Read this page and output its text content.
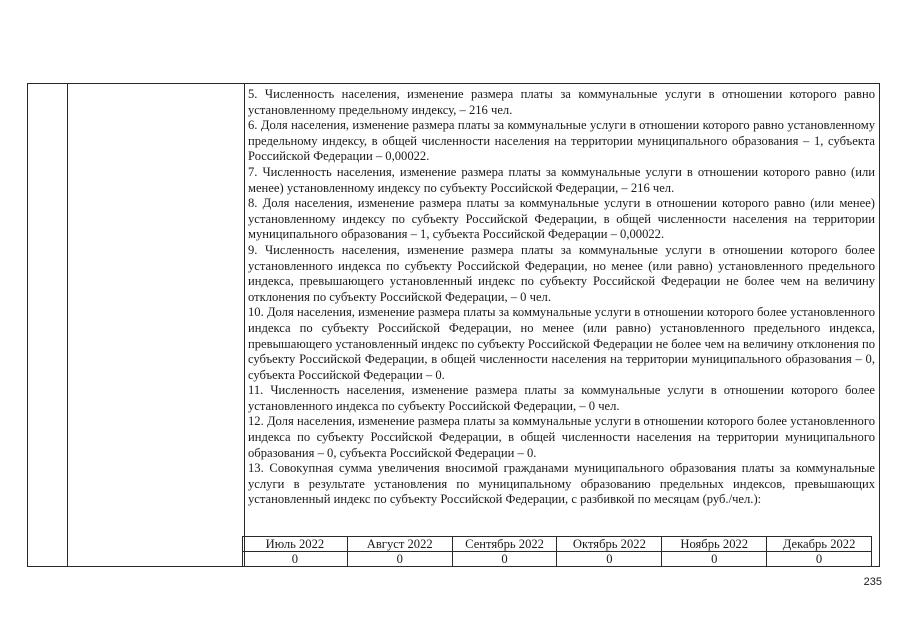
5. Численность населения, изменение размера платы за коммунальные услуги в отношении которого равно установленному предельному индексу, – 216 чел.

6. Доля населения, изменение размера платы за коммунальные услуги в отношении которого равно установленному предельному индексу, в общей численности населения на территории муниципального образования – 1, субъекта Российской Федерации – 0,00022.

7. Численность населения, изменение размера платы за коммунальные услуги в отношении которого равно (или менее) установленному индексу по субъекту Российской Федерации, – 216 чел.

8. Доля населения, изменение размера платы за коммунальные услуги в отношении которого равно (или менее) установленному индексу по субъекту Российской Федерации, в общей численности населения на территории муниципального образования – 1, субъекта Российской Федерации – 0,00022.

9. Численность населения, изменение размера платы за коммунальные услуги в отношении которого более установленного индекса по субъекту Российской Федерации, но менее (или равно) установленного предельного индекса, превышающего установленный индекс по субъекту Российской Федерации не более чем на величину отклонения по субъекту Российской Федерации, – 0 чел.

10. Доля населения, изменение размера платы за коммунальные услуги в отношении которого более установленного индекса по субъекту Российской Федерации, но менее (или равно) установленного предельного индекса, превышающего установленный индекс по субъекту Российской Федерации не более чем на величину отклонения по субъекту Российской Федерации, в общей численности населения на территории муниципального образования – 0, субъекта Российской Федерации – 0.

11. Численность населения, изменение размера платы за коммунальные услуги в отношении которого более установленного индекса по субъекту Российской Федерации, – 0 чел.

12. Доля населения, изменение размера платы за коммунальные услуги в отношении которого более установленного индекса по субъекту Российской Федерации, в общей численности населения на территории муниципального образования – 0, субъекта Российской Федерации – 0.

13. Совокупная сумма увеличения вносимой гражданами муниципального образования платы за коммунальные услуги в результате установления по муниципальному образованию предельных индексов, превышающих установленный индекс по субъекту Российской Федерации, с разбивкой по месяцам (руб./чел.):

Июль 2022	Август 2022	Сентябрь 2022	Октябрь 2022	Ноябрь 2022	Декабрь 2022
0	0	0	0	0	0
235
